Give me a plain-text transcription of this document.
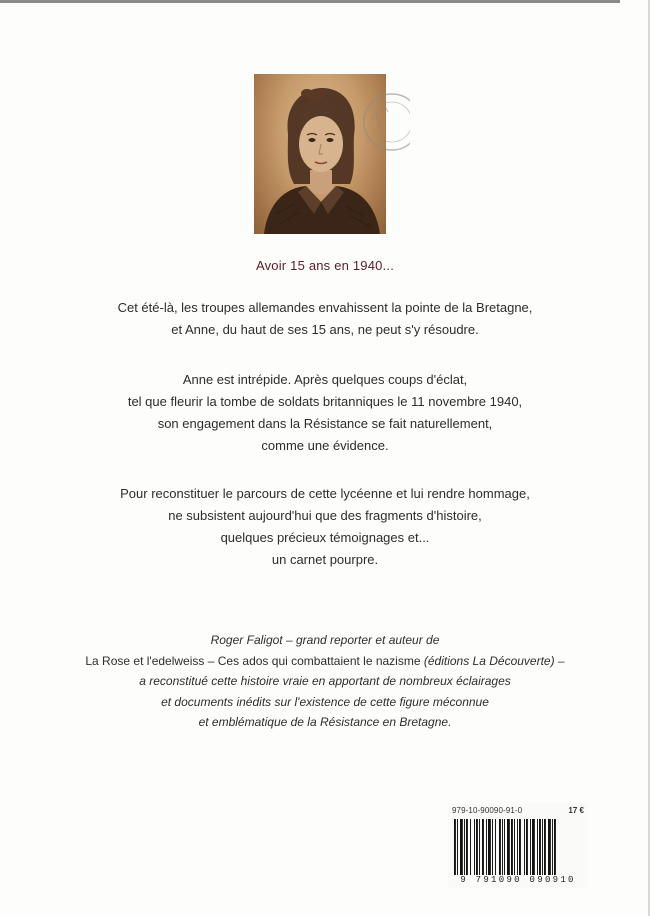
Avoir 15 ans en 1940...
Cet été-là, les troupes allemandes envahissent la pointe de la Bretagne,
et Anne, du haut de ses 15 ans, ne peut s'y résoudre.
Anne est intrépide. Après quelques coups d'éclat,
tel que fleurir la tombe de soldats britanniques le 11 novembre 1940,
son engagement dans la Résistance se fait naturellement,
comme une évidence.
Pour reconstituer le parcours de cette lycéenne et lui rendre hommage,
ne subsistent aujourd'hui que des fragments d'histoire,
quelques précieux témoignages et...
un carnet pourpre.
Roger Faligot – grand reporter et auteur de
La Rose et l'edelweiss – Ces ados qui combattaient le nazisme (éditions La Découverte) –
a reconstitué cette histoire vraie en apportant de nombreux éclairages
et documents inédits sur l'existence de cette figure méconnue
et emblématique de la Résistance en Bretagne.
979-10-90090-91-0	17 €
9 791090 090910
